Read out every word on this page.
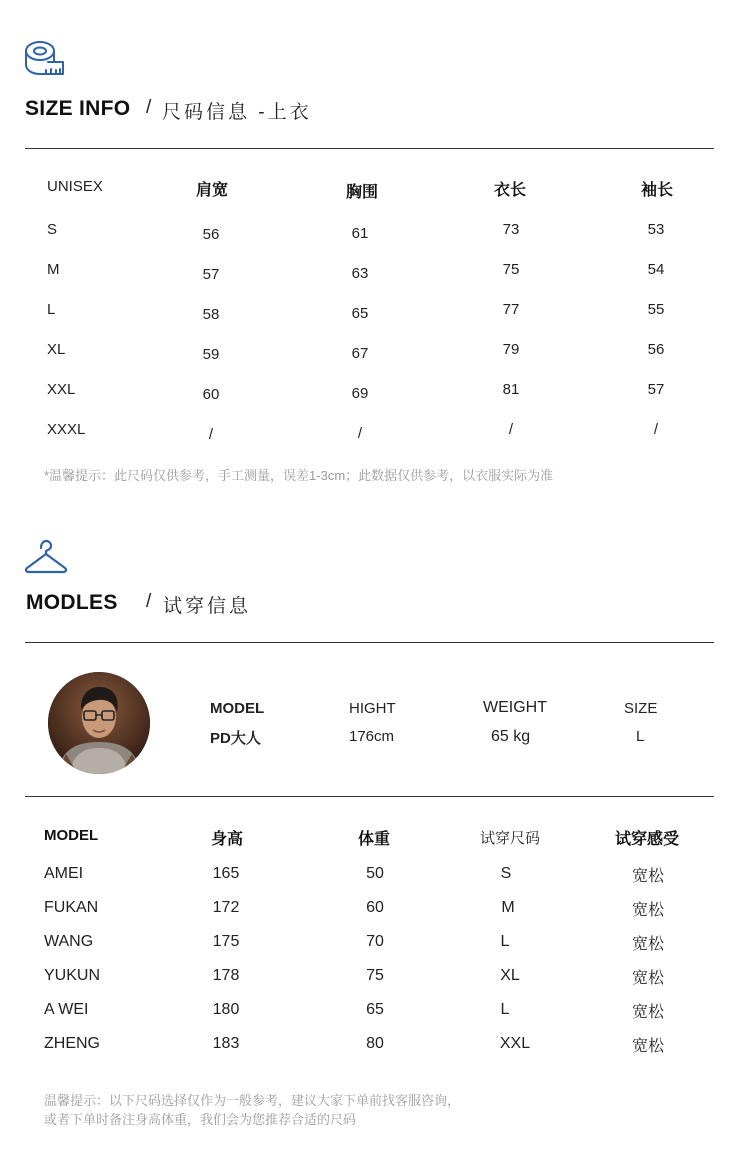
SIZE INFO / 尺码信息 -上衣
UNISEX	肩宽	胸围	衣长	袖长
S	56	61	73	53
M	57	63	75	54
L	58	65	77	55
XL	59	67	79	56
XXL	60	69	81	57
XXXL	/	/	/	/
*温馨提示：此尺码仅供参考，手工测量，误差1-3cm；此数据仅供参考，以衣服实际为准
MODLES / 试穿信息
MODEL	HIGHT	WEIGHT	SIZE
PD大人	176cm	65 kg	L
MODEL	身高	体重	试穿尺码	试穿感受
AMEI	165	50	S	宽松
FUKAN	172	60	M	宽松
WANG	175	70	L	宽松
YUKUN	178	75	XL	宽松
A WEI	180	65	L	宽松
ZHENG	183	80	XXL	宽松
温馨提示：以下尺码选择仅作为一般参考，建议大家下单前找客服咨询，
或者下单时备注身高体重，我们会为您推荐合适的尺码
